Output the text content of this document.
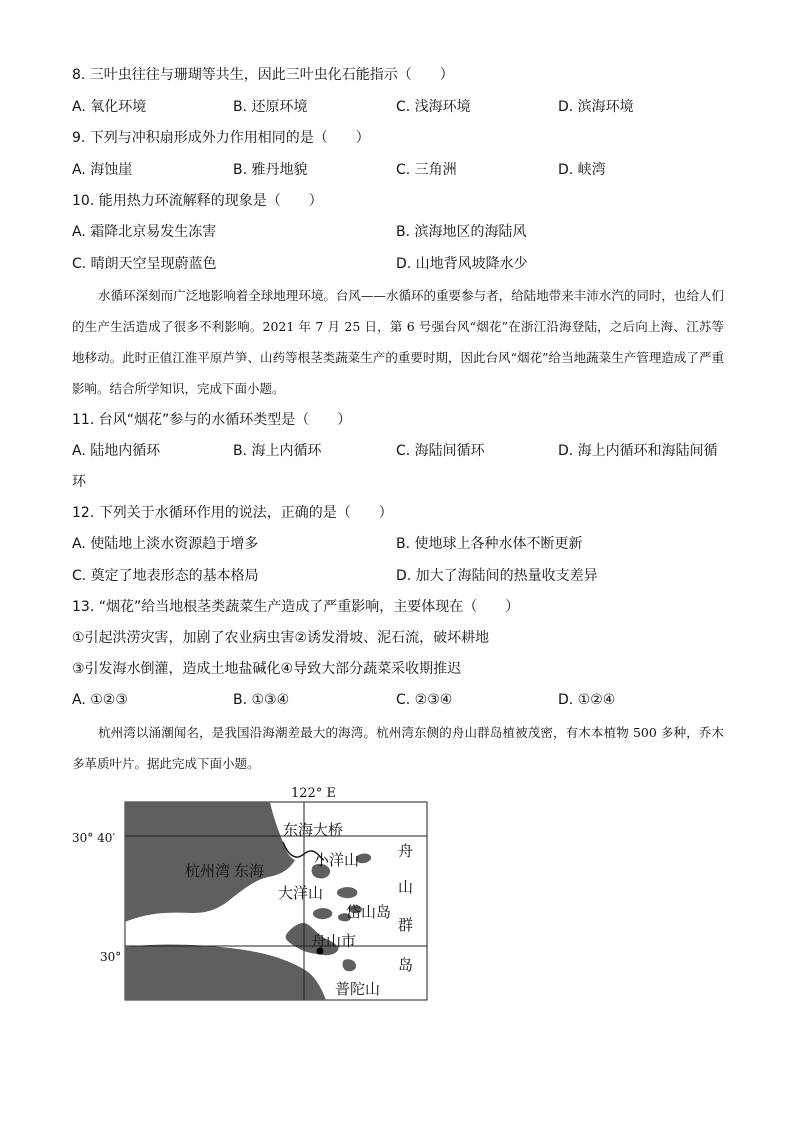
8. 三叶虫往往与珊瑚等共生，因此三叶虫化石能指示（　　）
A. 氧化环境	B. 还原环境	C. 浅海环境	D. 滨海环境
9. 下列与冲积扇形成外力作用相同的是（　　）
A. 海蚀崖	B. 雅丹地貌	C. 三角洲	D. 峡湾
10. 能用热力环流解释的现象是（　　）
A. 霜降北京易发生冻害	B. 滨海地区的海陆风
C. 晴朗天空呈现蔚蓝色	D. 山地背风坡降水少

水循环深刻而广泛地影响着全球地理环境。台风——水循环的重要参与者，给陆地带来丰沛水汽的同时，也给人们的生产生活造成了很多不利影响。2021 年 7 月 25 日，第 6 号强台风“烟花”在浙江沿海登陆，之后向上海、江苏等地移动。此时正值江淮平原芦笋、山药等根茎类蔬菜生产的重要时期，因此台风“烟花”给当地蔬菜生产管理造成了严重影响。结合所学知识，完成下面小题。

11. 台风“烟花”参与的水循环类型是（　　）
A. 陆地内循环	B. 海上内循环	C. 海陆间循环	D. 海上内循环和海陆间循
环
12. 下列关于水循环作用的说法，正确的是（　　）
A. 使陆地上淡水资源趋于增多	B. 使地球上各种水体不断更新
C. 奠定了地表形态的基本格局	D. 加大了海陆间的热量收支差异
13. “烟花”给当地根茎类蔬菜生产造成了严重影响，主要体现在（　　）
①引起洪涝灾害，加剧了农业病虫害②诱发滑坡、泥石流，破坏耕地
③引发海水倒灌，造成土地盐碱化④导致大部分蔬菜采收期推迟
A. ①②③	B. ①③④	C. ②③④	D. ①②④

杭州湾以涌潮闻名，是我国沿海潮差最大的海湾。杭州湾东侧的舟山群岛植被茂密，有木本植物 500 多种，乔木多革质叶片。据此完成下面小题。

122° E
30° 40′
30°
东海大桥
东海
杭州湾
小洋山
大洋山
岱山岛
舟山市
普陀山
舟
山
群
岛
